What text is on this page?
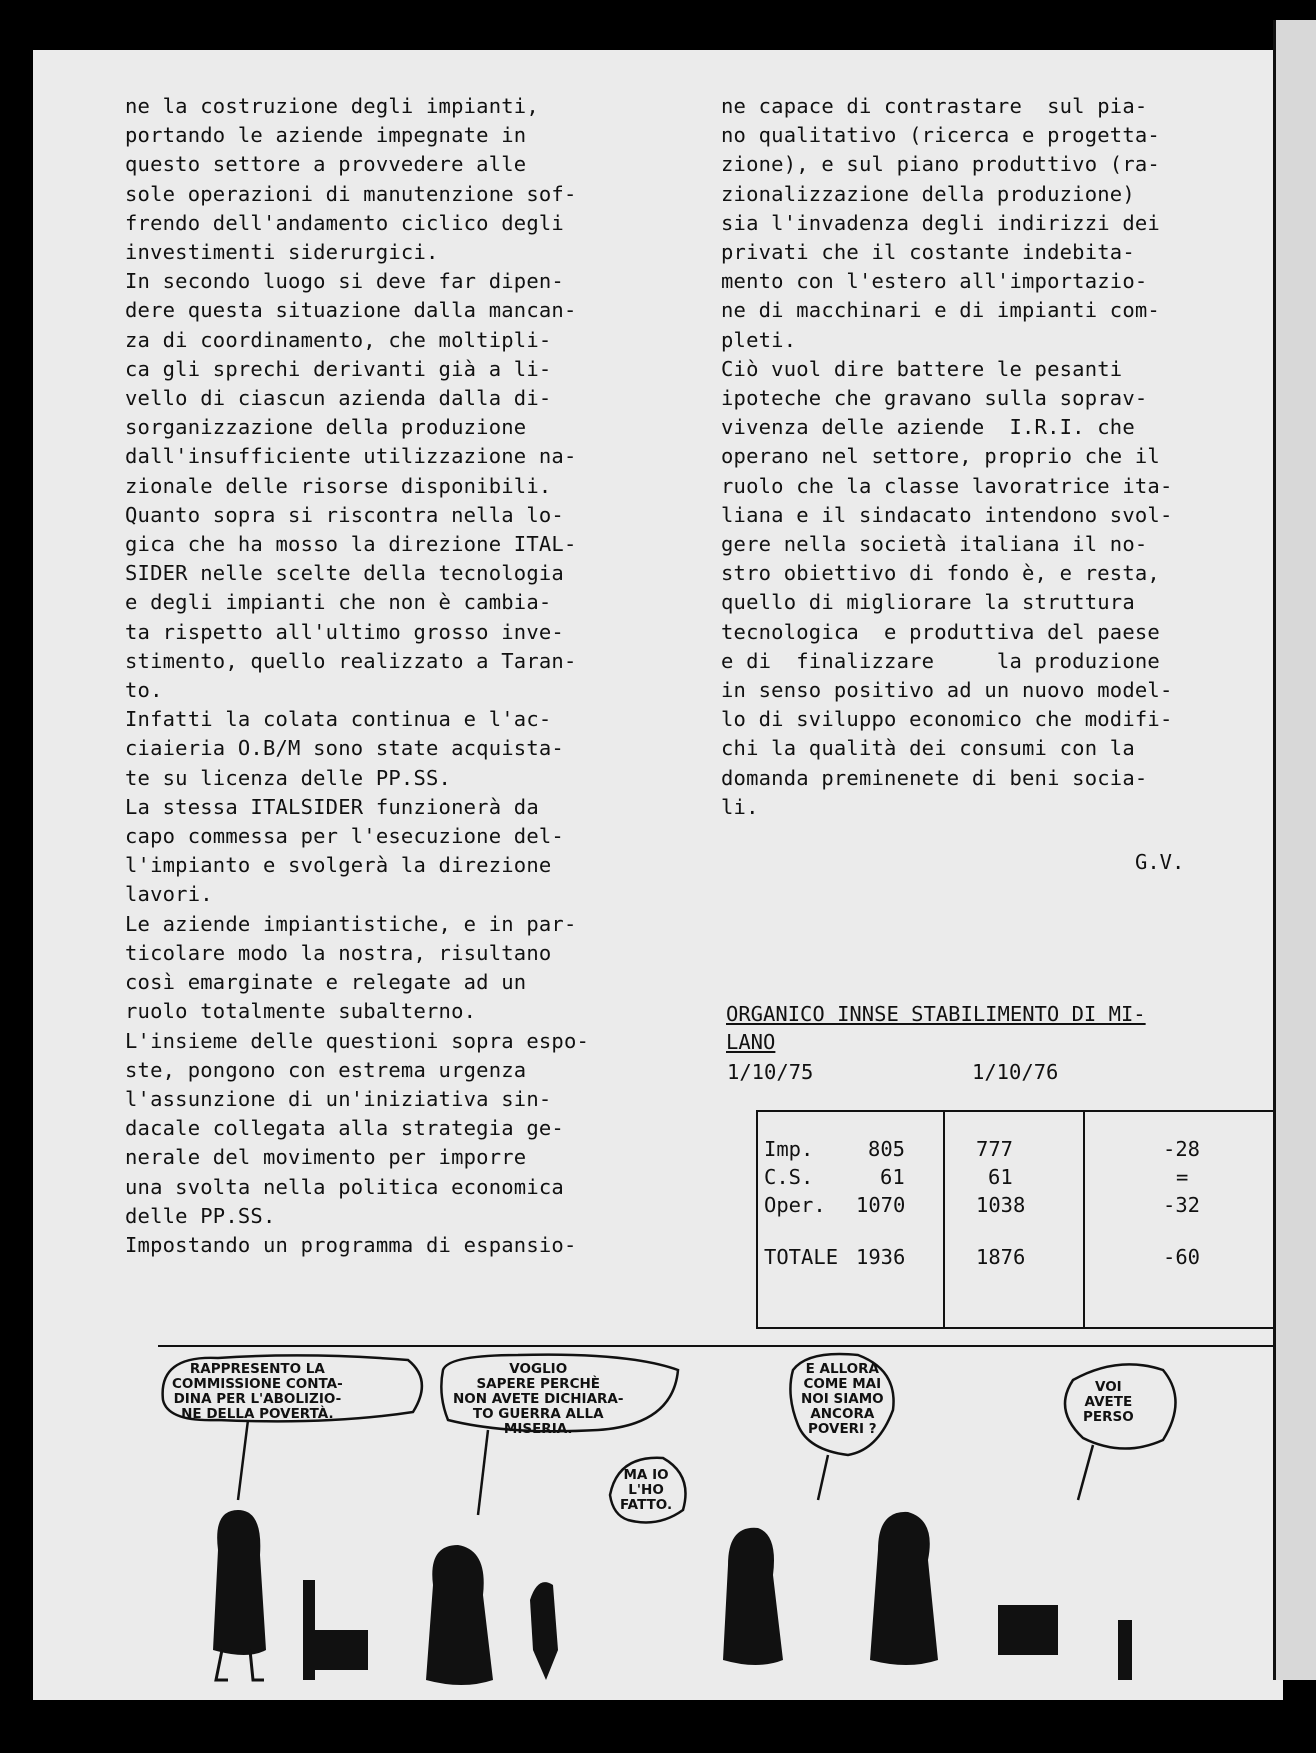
ne la costruzione degli impianti,
portando le aziende impegnate in
questo settore a provvedere alle
sole operazioni di manutenzione sof-
frendo dell'andamento ciclico degli
investimenti siderurgici.
In secondo luogo si deve far dipen-
dere questa situazione dalla mancan-
za di coordinamento, che moltipli-
ca gli sprechi derivanti già a li-
vello di ciascun azienda dalla di-
sorganizzazione della produzione
dall'insufficiente utilizzazione na-
zionale delle risorse disponibili.
Quanto sopra si riscontra nella lo-
gica che ha mosso la direzione ITAL-
SIDER nelle scelte della tecnologia
e degli impianti che non è cambia-
ta rispetto all'ultimo grosso inve-
stimento, quello realizzato a Taran-
to.
Infatti la colata continua e l'ac-
ciaieria O.B/M sono state acquista-
te su licenza delle PP.SS.
La stessa ITALSIDER funzionerà da
capo commessa per l'esecuzione del-
l'impianto e svolgerà la direzione
lavori.
Le aziende impiantistiche, e in par-
ticolare modo la nostra, risultano
così emarginate e relegate ad un
ruolo totalmente subalterno.
L'insieme delle questioni sopra espo-
ste, pongono con estrema urgenza
l'assunzione di un'iniziativa sin-
dacale collegata alla strategia ge-
nerale del movimento per imporre
una svolta nella politica economica
delle PP.SS.
Impostando un programma di espansio-
ne capace di contrastare  sul pia-
no qualitativo (ricerca e progetta-
zione), e sul piano produttivo (ra-
zionalizzazione della produzione)
sia l'invadenza degli indirizzi dei
privati che il costante indebita-
mento con l'estero all'importazio-
ne di macchinari e di impianti com-
pleti.
Ciò vuol dire battere le pesanti
ipoteche che gravano sulla soprav-
vivenza delle aziende  I.R.I. che
operano nel settore, proprio che il
ruolo che la classe lavoratrice ita-
liana e il sindacato intendono svol-
gere nella società italiana il no-
stro obiettivo di fondo è, e resta,
quello di migliorare la struttura
tecnologica  e produttiva del paese
e di  finalizzare     la produzione
in senso positivo ad un nuovo model-
lo di sviluppo economico che modifi-
chi la qualità dei consumi con la
domanda preminenete di beni socia-
li.
G.V.
ORGANICO INNSE STABILIMENTO DI MI-
LANO
1/10/75	1/10/76
Imp.	805	777	-28
C.S.	61	61	=
Oper. 1070	1038	-32
TOTALE 1936	1876	-60
RAPPRESENTO LA
COMMISSIONE CONTA-
DINA PER L'ABOLIZIO-
NE DELLA POVERTÀ.
VOGLIO
SAPERE PERCHÈ
NON AVETE DICHIARA-
TO GUERRA ALLA
MISERIA.
MA IO
L'HO
FATTO.
E ALLORA
COME MAI
NOI SIAMO
ANCORA
POVERI ?
VOI
AVETE
PERSO
